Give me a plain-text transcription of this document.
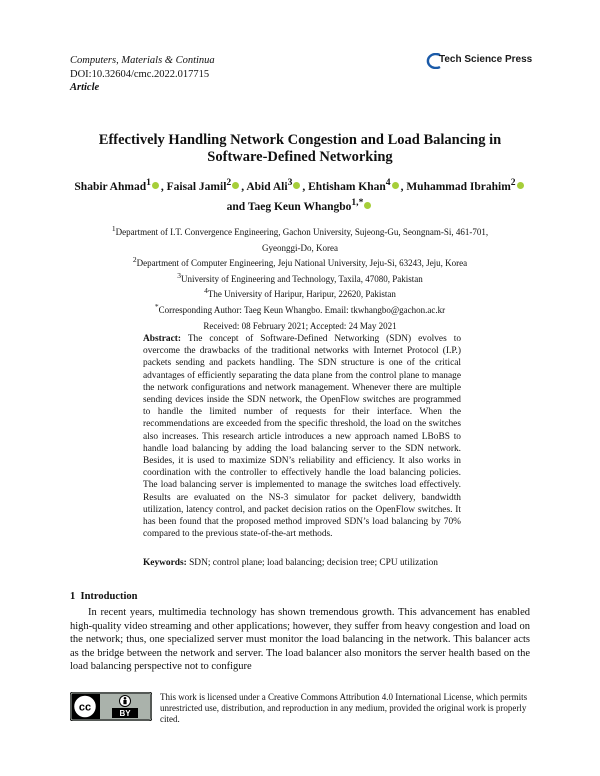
Computers, Materials & Continua
DOI:10.32604/cmc.2022.017715
Article
Tech Science Press
Effectively Handling Network Congestion and Load Balancing in
Software-Defined Networking
Shabir Ahmad$^1$ , Faisal Jamil$^2$ , Abid Ali$^3$ , Ehtisham Khan$^4$ , Muhammad Ibrahim$^2$
and Taeg Keun Whangbo$^{1,*}$
$^1$Department of I.T. Convergence Engineering, Gachon University, Sujeong-Gu, Seongnam-Si, 461-701,
Gyeonggi-Do, Korea
$^2$Department of Computer Engineering, Jeju National University, Jeju-Si, 63243, Jeju, Korea
$^3$University of Engineering and Technology, Taxila, 47080, Pakistan
$^4$The University of Haripur, Haripur, 22620, Pakistan
*Corresponding Author: Taeg Keun Whangbo. Email: tkwhangbo@gachon.ac.kr
Received: 08 February 2021; Accepted: 24 May 2021
Abstract: The concept of Software-Defined Networking (SDN) evolves to overcome the drawbacks of the traditional networks with Internet Protocol (I.P.) packets sending and packets handling. The SDN structure is one of the critical advantages of efficiently separating the data plane from the control plane to manage the network configurations and network management. Whenever there are multiple sending devices inside the SDN network, the OpenFlow switches are programmed to handle the limited number of requests for their interface. When the recommendations are exceeded from the specific threshold, the load on the switches also increases. This research article introduces a new approach named LBoBS to handle load balancing by adding the load balancing server to the SDN network. Besides, it is used to maximize SDN’s reliability and efficiency. It also works in coordination with the controller to effectively handle the load balancing policies. The load balancing server is implemented to manage the switches load effectively. Results are evaluated on the NS-3 simulator for packet delivery, bandwidth utilization, latency control, and packet decision ratios on the OpenFlow switches. It has been found that the proposed method improved SDN’s load balancing by 70% compared to the previous state-of-the-art methods.
Keywords: SDN; control plane; load balancing; decision tree; CPU utilization
1 Introduction
In recent years, multimedia technology has shown tremendous growth. This advancement has enabled high-quality video streaming and other applications; however, they suffer from heavy congestion and load on the network; thus, one specialized server must monitor the load balancing in the network. This balancer acts as the bridge between the network and server. The load balancer also monitors the server health based on the load balancing perspective not to configure
cc
BY
This work is licensed under a Creative Commons Attribution 4.0 International License, which permits unrestricted use, distribution, and reproduction in any medium, provided the original work is properly cited.
